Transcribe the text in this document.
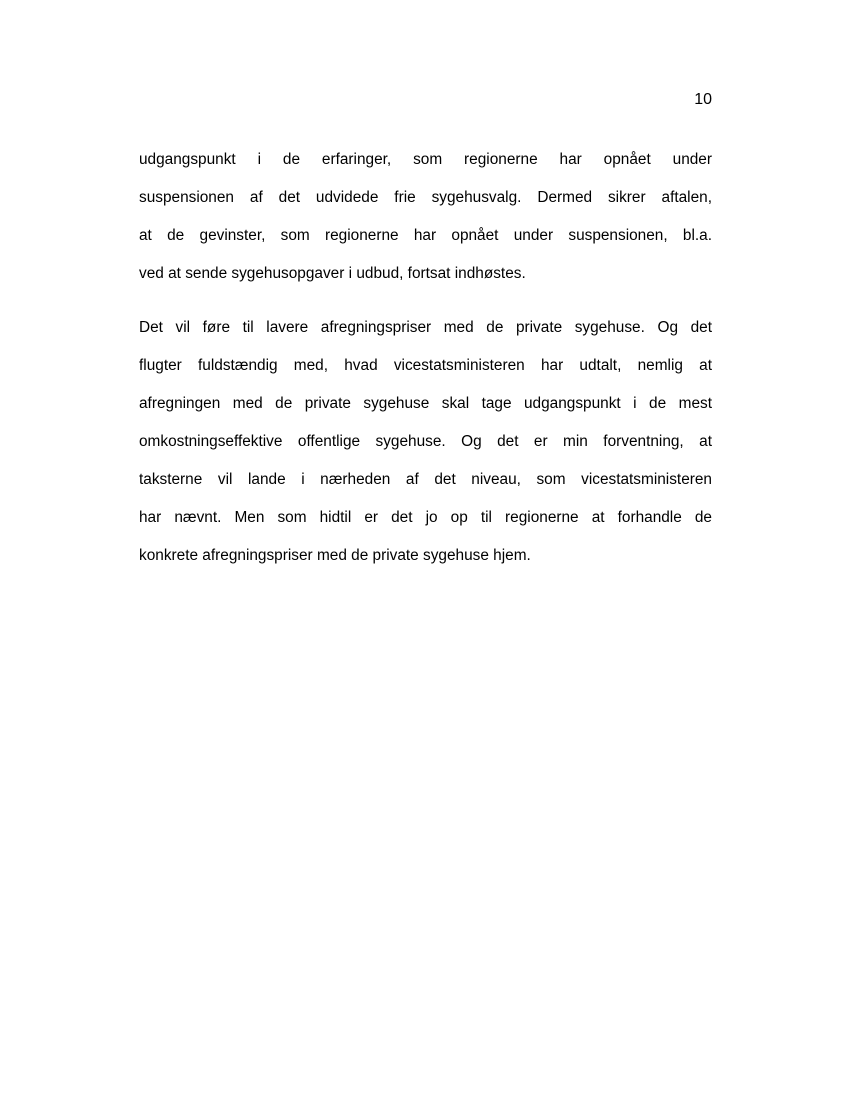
10

udgangspunkt i de erfaringer, som regionerne har opnået under
suspensionen af det udvidede frie sygehusvalg. Dermed sikrer aftalen,
at de gevinster, som regionerne har opnået under suspensionen, bl.a.
ved at sende sygehusopgaver i udbud, fortsat indhøstes.

Det vil føre til lavere afregningspriser med de private sygehuse. Og det
flugter fuldstændig med, hvad vicestatsministeren har udtalt, nemlig at
afregningen med de private sygehuse skal tage udgangspunkt i de mest
omkostningseffektive offentlige sygehuse. Og det er min forventning, at
taksterne vil lande i nærheden af det niveau, som vicestatsministeren
har nævnt. Men som hidtil er det jo op til regionerne at forhandle de
konkrete afregningspriser med de private sygehuse hjem.
